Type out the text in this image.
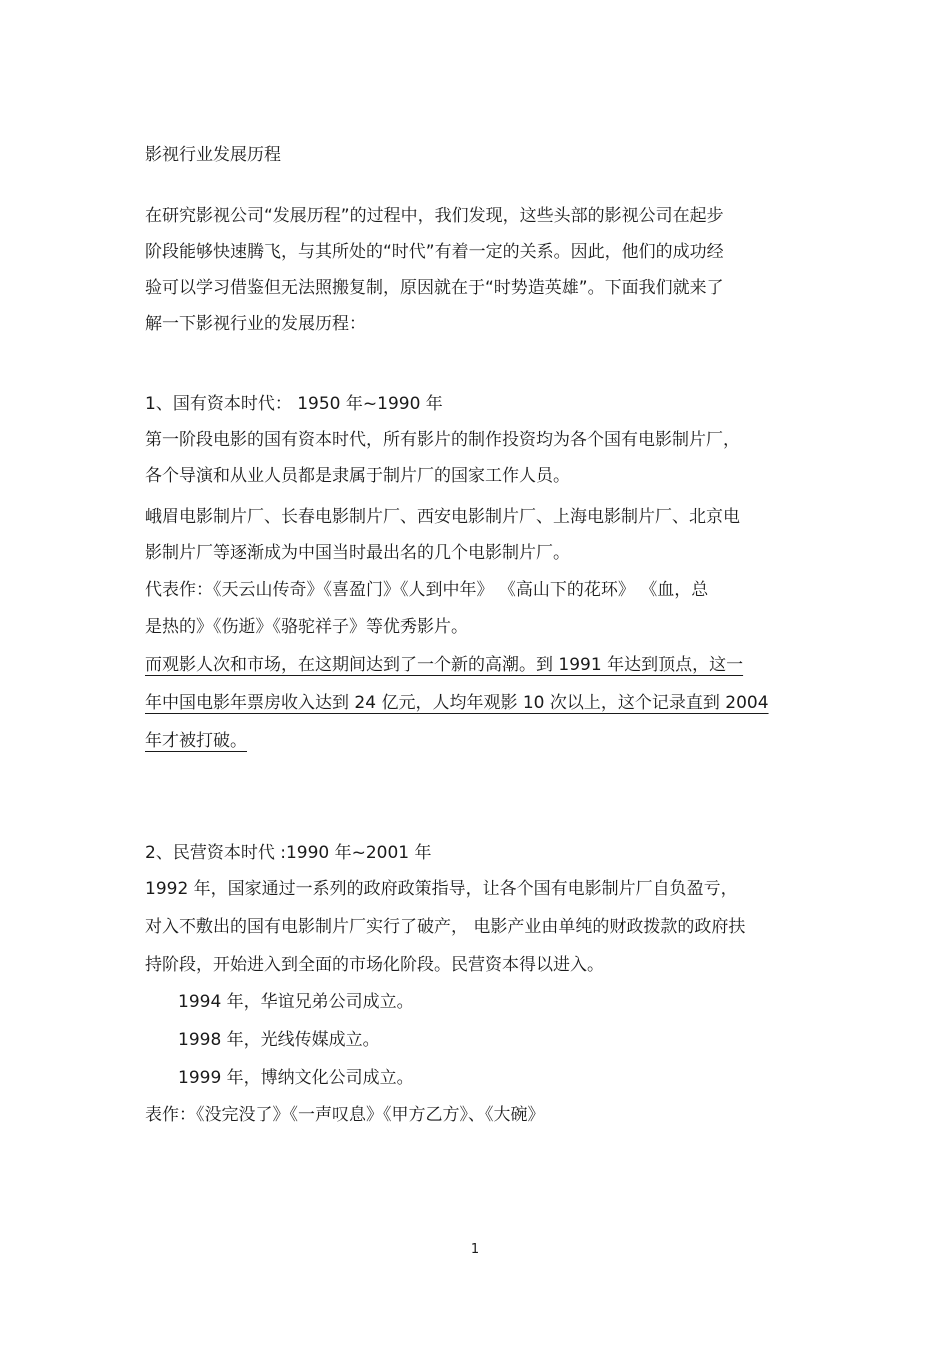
影视行业发展历程
在研究影视公司“发展历程”的过程中，我们发现，这些头部的影视公司在起步
阶段能够快速腾飞，与其所处的“时代”有着一定的关系。因此，他们的成功经
验可以学习借鉴但无法照搬复制，原因就在于“时势造英雄”。下面我们就来了
解一下影视行业的发展历程：
1、国有资本时代： 1950 年~1990 年
第一阶段电影的国有资本时代，所有影片的制作投资均为各个国有电影制片厂，
各个导演和从业人员都是隶属于制片厂的国家工作人员。
峨眉电影制片厂、长春电影制片厂、西安电影制片厂、上海电影制片厂、北京电
影制片厂等逐渐成为中国当时最出名的几个电影制片厂。
代表作：《天云山传奇》《喜盈门》《人到中年》 《高山下的花环》 《血，总
是热的》《伤逝》《骆驼祥子》等优秀影片。
而观影人次和市场，在这期间达到了一个新的高潮。到 1991 年达到顶点，这一
年中国电影年票房收入达到 24 亿元，人均年观影 10 次以上，这个记录直到 2004
年才被打破。
2、民营资本时代 :1990 年~2001 年
1992 年，国家通过一系列的政府政策指导，让各个国有电影制片厂自负盈亏，
对入不敷出的国有电影制片厂实行了破产， 电影产业由单纯的财政拨款的政府扶
持阶段，开始进入到全面的市场化阶段。民营资本得以进入。
1994 年，华谊兄弟公司成立。
1998 年，光线传媒成立。
1999 年，博纳文化公司成立。
表作：《没完没了》《一声叹息》《甲方乙方》、《大碗》
1
